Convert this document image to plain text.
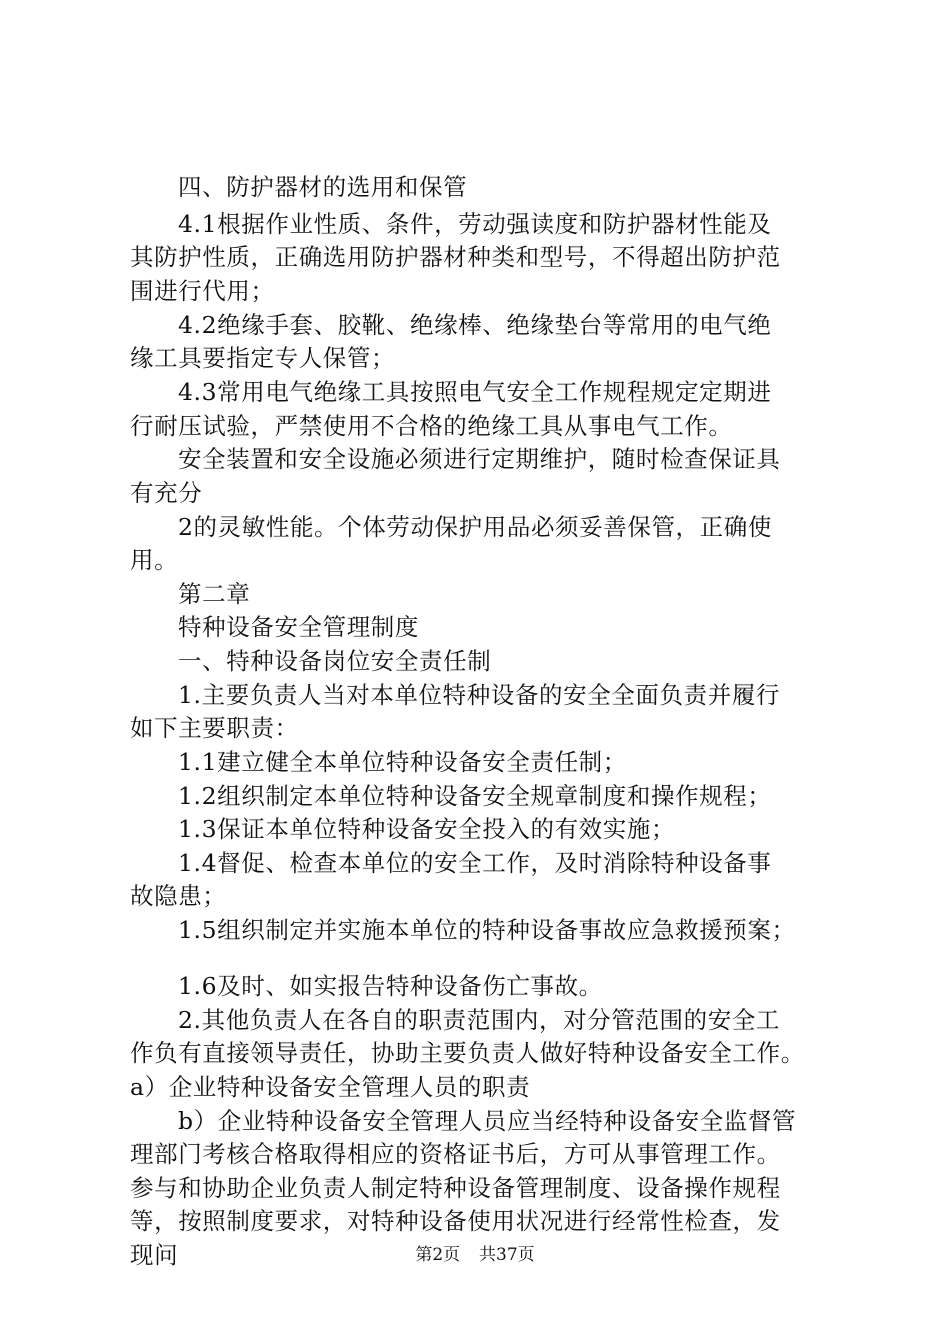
四、防护器材的选用和保管
4.1根据作业性质、条件，劳动强读度和防护器材性能及
其防护性质，正确选用防护器材种类和型号，不得超出防护范
围进行代用；
4.2绝缘手套、胶靴、绝缘棒、绝缘垫台等常用的电气绝
缘工具要指定专人保管；
4.3常用电气绝缘工具按照电气安全工作规程规定定期进
行耐压试验，严禁使用不合格的绝缘工具从事电气工作。
安全装置和安全设施必须进行定期维护，随时检查保证具
有充分
2的灵敏性能。个体劳动保护用品必须妥善保管，正确使
用。
第二章
特种设备安全管理制度
一、特种设备岗位安全责任制
1.主要负责人当对本单位特种设备的安全全面负责并履行
如下主要职责：
1.1建立健全本单位特种设备安全责任制；
1.2组织制定本单位特种设备安全规章制度和操作规程；
1.3保证本单位特种设备安全投入的有效实施；
1.4督促、检查本单位的安全工作，及时消除特种设备事
故隐患；
1.5组织制定并实施本单位的特种设备事故应急救援预案；
1.6及时、如实报告特种设备伤亡事故。
2.其他负责人在各自的职责范围内，对分管范围的安全工
作负有直接领导责任，协助主要负责人做好特种设备安全工作。
a）企业特种设备安全管理人员的职责
b）企业特种设备安全管理人员应当经特种设备安全监督管
理部门考核合格取得相应的资格证书后，方可从事管理工作。
参与和协助企业负责人制定特种设备管理制度、设备操作规程
等，按照制度要求，对特种设备使用状况进行经常性检查，发
现问	第2页 共37页
